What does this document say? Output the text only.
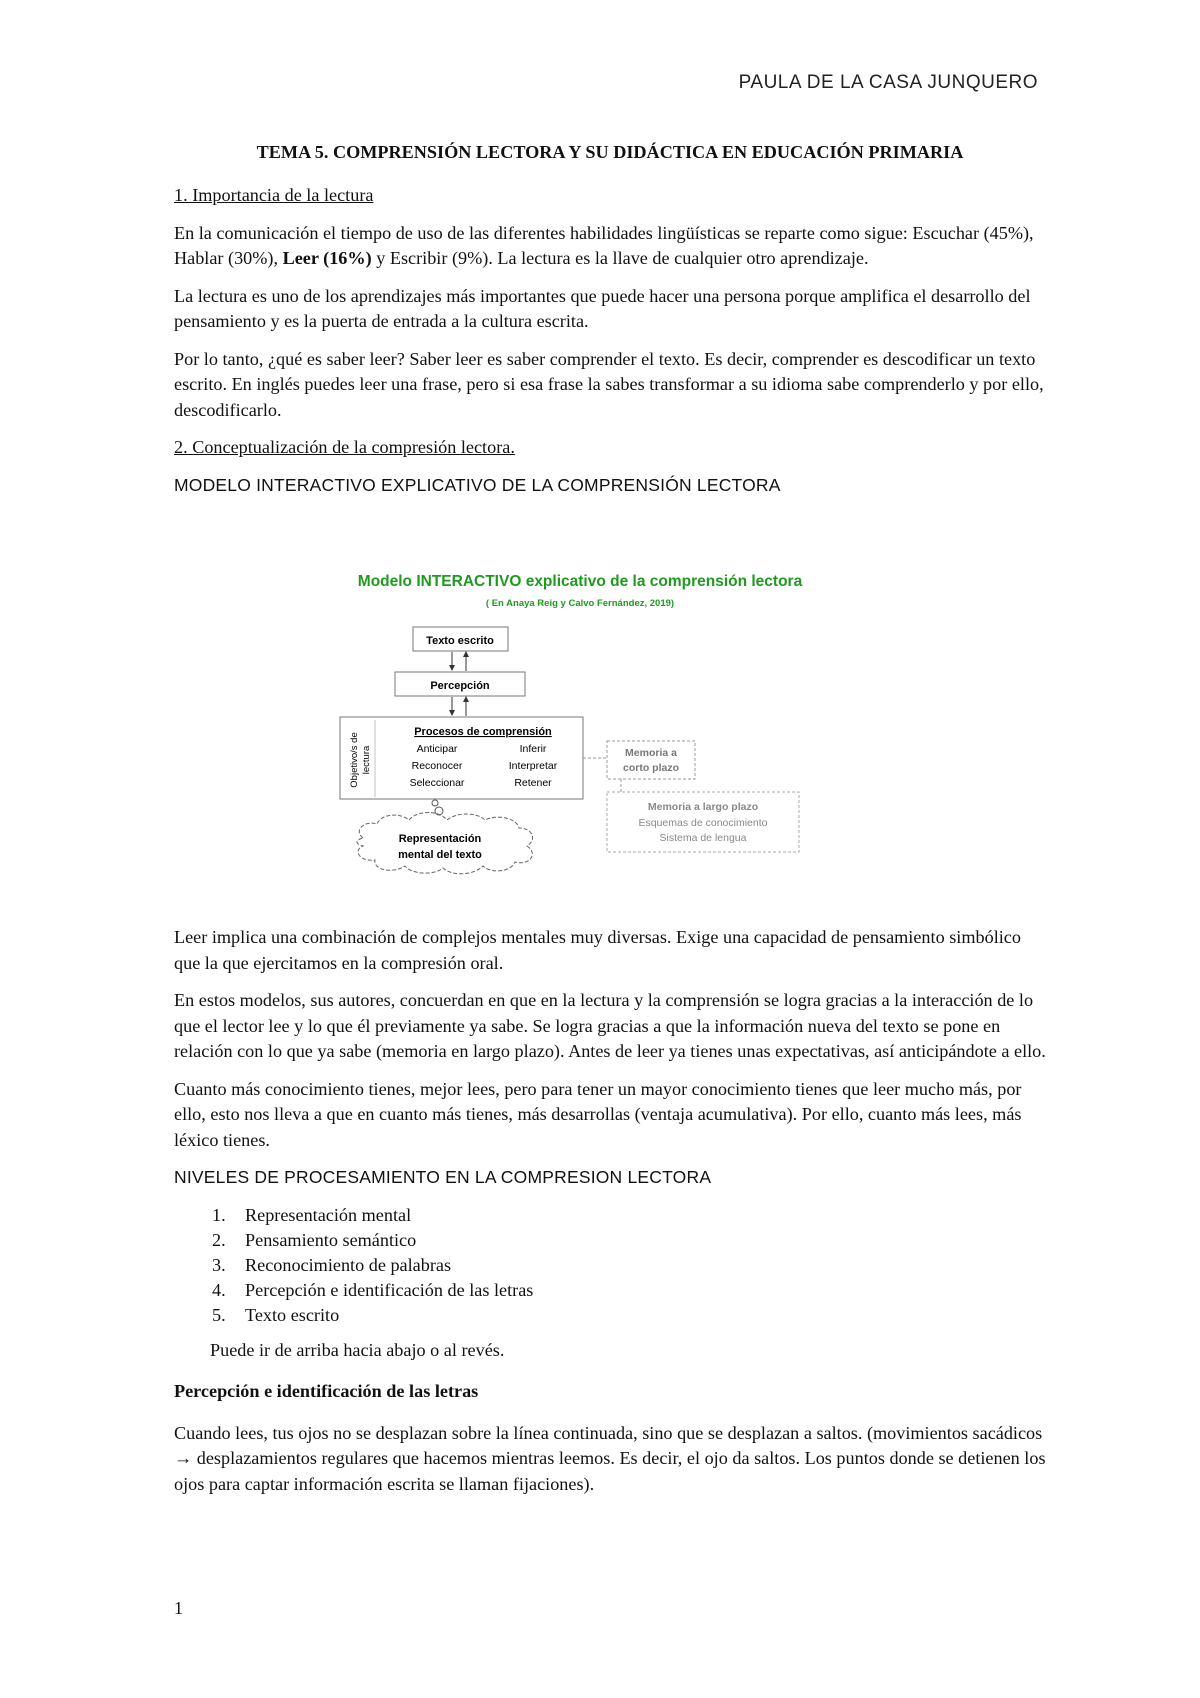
PAULA DE LA CASA JUNQUERO
TEMA 5. COMPRENSIÓN LECTORA Y SU DIDÁCTICA EN EDUCACIÓN PRIMARIA

1. Importancia de la lectura

En la comunicación el tiempo de uso de las diferentes habilidades lingüísticas se reparte como sigue: Escuchar (45%), Hablar (30%), Leer (16%) y Escribir (9%). La lectura es la llave de cualquier otro aprendizaje.

La lectura es uno de los aprendizajes más importantes que puede hacer una persona porque amplifica el desarrollo del pensamiento y es la puerta de entrada a la cultura escrita.

Por lo tanto, ¿qué es saber leer? Saber leer es saber comprender el texto. Es decir, comprender es descodificar un texto escrito. En inglés puedes leer una frase, pero si esa frase la sabes transformar a su idioma sabe comprenderlo y por ello, descodificarlo.

2. Conceptualización de la compresión lectora.

MODELO INTERACTIVO EXPLICATIVO DE LA COMPRENSIÓN LECTORA

Modelo INTERACTIVO explicativo de la comprensión lectora
( En Anaya Reig y Calvo Fernández, 2019)
Texto escrito
Percepción
Objetivo/s de lectura
Procesos de comprensión
Anticipar
Reconocer
Seleccionar
Inferir
Interpretar
Retener
Memoria a
corto plazo
Memoria a largo plazo
Esquemas de conocimiento
Sistema de lengua
Representación
mental del texto

Leer implica una combinación de complejos mentales muy diversas. Exige una capacidad de pensamiento simbólico que la que ejercitamos en la compresión oral.

En estos modelos, sus autores, concuerdan en que en la lectura y la comprensión se logra gracias a la interacción de lo que el lector lee y lo que él previamente ya sabe. Se logra gracias a que la información nueva del texto se pone en relación con lo que ya sabe (memoria en largo plazo). Antes de leer ya tienes unas expectativas, así anticipándote a ello.

Cuanto más conocimiento tienes, mejor lees, pero para tener un mayor conocimiento tienes que leer mucho más, por ello, esto nos lleva a que en cuanto más tienes, más desarrollas (ventaja acumulativa). Por ello, cuanto más lees, más léxico tienes.

NIVELES DE PROCESAMIENTO EN LA COMPRESION LECTORA

1. Representación mental
2. Pensamiento semántico
3. Reconocimiento de palabras
4. Percepción e identificación de las letras
5. Texto escrito

Puede ir de arriba hacia abajo o al revés.

Percepción e identificación de las letras

Cuando lees, tus ojos no se desplazan sobre la línea continuada, sino que se desplazan a saltos. (movimientos sacádicos → desplazamientos regulares que hacemos mientras leemos. Es decir, el ojo da saltos. Los puntos donde se detienen los ojos para captar información escrita se llaman fijaciones).

1
